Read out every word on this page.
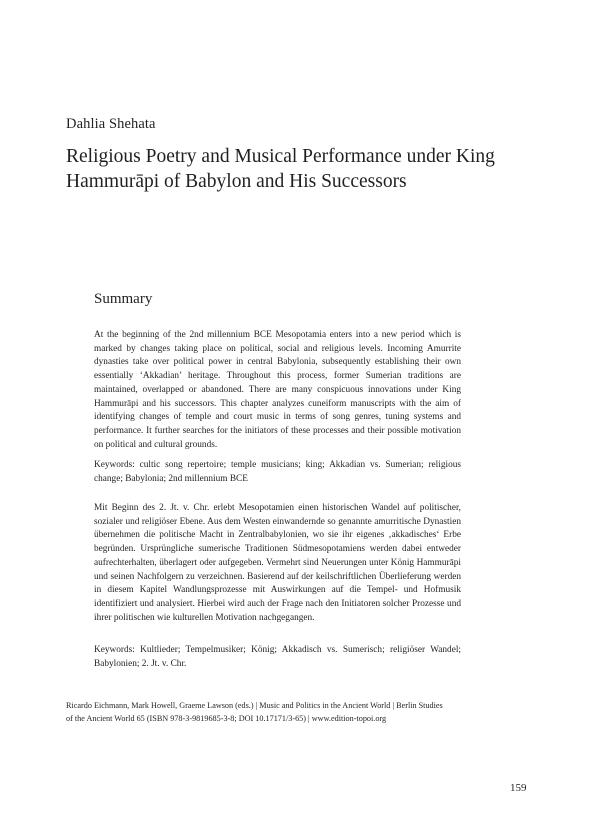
Dahlia Shehata
Religious Poetry and Musical Performance under King Hammurāpi of Babylon and His Successors
Summary

At the beginning of the 2nd millennium BCE Mesopotamia enters into a new period which is marked by changes taking place on political, social and religious levels. Incoming Amurrite dynasties take over political power in central Babylonia, subsequently establishing their own essentially ‘Akkadian’ heritage. Throughout this process, former Sumerian traditions are maintained, overlapped or abandoned. There are many conspicuous innovations under King Hammurāpi and his successors. This chapter analyzes cuneiform manuscripts with the aim of identifying changes of temple and court music in terms of song genres, tuning systems and performance. It further searches for the initiators of these processes and their possible motivation on political and cultural grounds.

Keywords: cultic song repertoire; temple musicians; king; Akkadian vs. Sumerian; religious change; Babylonia; 2nd millennium BCE

Mit Beginn des 2. Jt. v. Chr. erlebt Mesopotamien einen historischen Wandel auf politischer, sozialer und religiöser Ebene. Aus dem Westen einwandernde so genannte amurritische Dynastien übernehmen die politische Macht in Zentralbabylonien, wo sie ihr eigenes ‚akkadisches‘ Erbe begründen. Ursprüngliche sumerische Traditionen Südmesopotamiens werden dabei entweder aufrechterhalten, überlagert oder aufgegeben. Vermehrt sind Neuerungen unter König Hammurāpi und seinen Nachfolgern zu verzeichnen. Basierend auf der keilschriftlichen Überlieferung werden in diesem Kapitel Wandlungsprozesse mit Auswirkungen auf die Tempel- und Hofmusik identifiziert und analysiert. Hierbei wird auch der Frage nach den Initiatoren solcher Prozesse und ihrer politischen wie kulturellen Motivation nachgegangen.

Keywords: Kultlieder; Tempelmusiker; König; Akkadisch vs. Sumerisch; religiöser Wandel; Babylonien; 2. Jt. v. Chr.

Ricardo Eichmann, Mark Howell, Graeme Lawson (eds.) | Music and Politics in the Ancient World | Berlin Studies of the Ancient World 65 (ISBN 978-3-9819685-3-8; DOI 10.17171/3-65) | www.edition-topoi.org

159
